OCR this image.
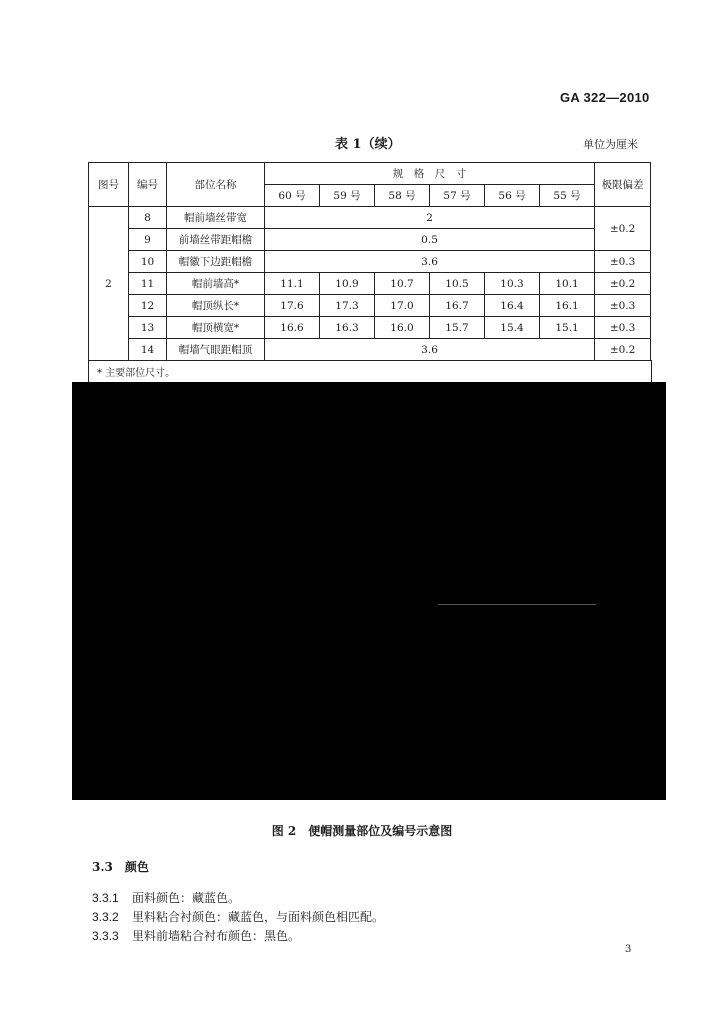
GA 322—2010
表 1（续）	单位为厘米
图号	编号	部位名称	规　格　尺　寸						极限偏差
			60 号	59 号	58 号	57 号	56 号	55 号	
2	8	帽前墙丝带宽	2						±0.2
	9	前墙丝带距帽檐	0.5						
	10	帽徽下边距帽檐	3.6						±0.3
	11	帽前墙高*	11.1	10.9	10.7	10.5	10.3	10.1	±0.2
	12	帽顶纵长*	17.6	17.3	17.0	16.7	16.4	16.1	±0.3
	13	帽顶横宽*	16.6	16.3	16.0	15.7	15.4	15.1	±0.3
	14	帽墙气眼距帽顶	3.6						±0.2
* 主要部位尺寸。
图 2　便帽测量部位及编号示意图
3.3　颜色
3.3.1 面料颜色：藏蓝色。
3.3.2 里料粘合衬颜色：藏蓝色，与面料颜色相匹配。
3.3.3 里料前墙粘合衬布颜色：黑色。
3
